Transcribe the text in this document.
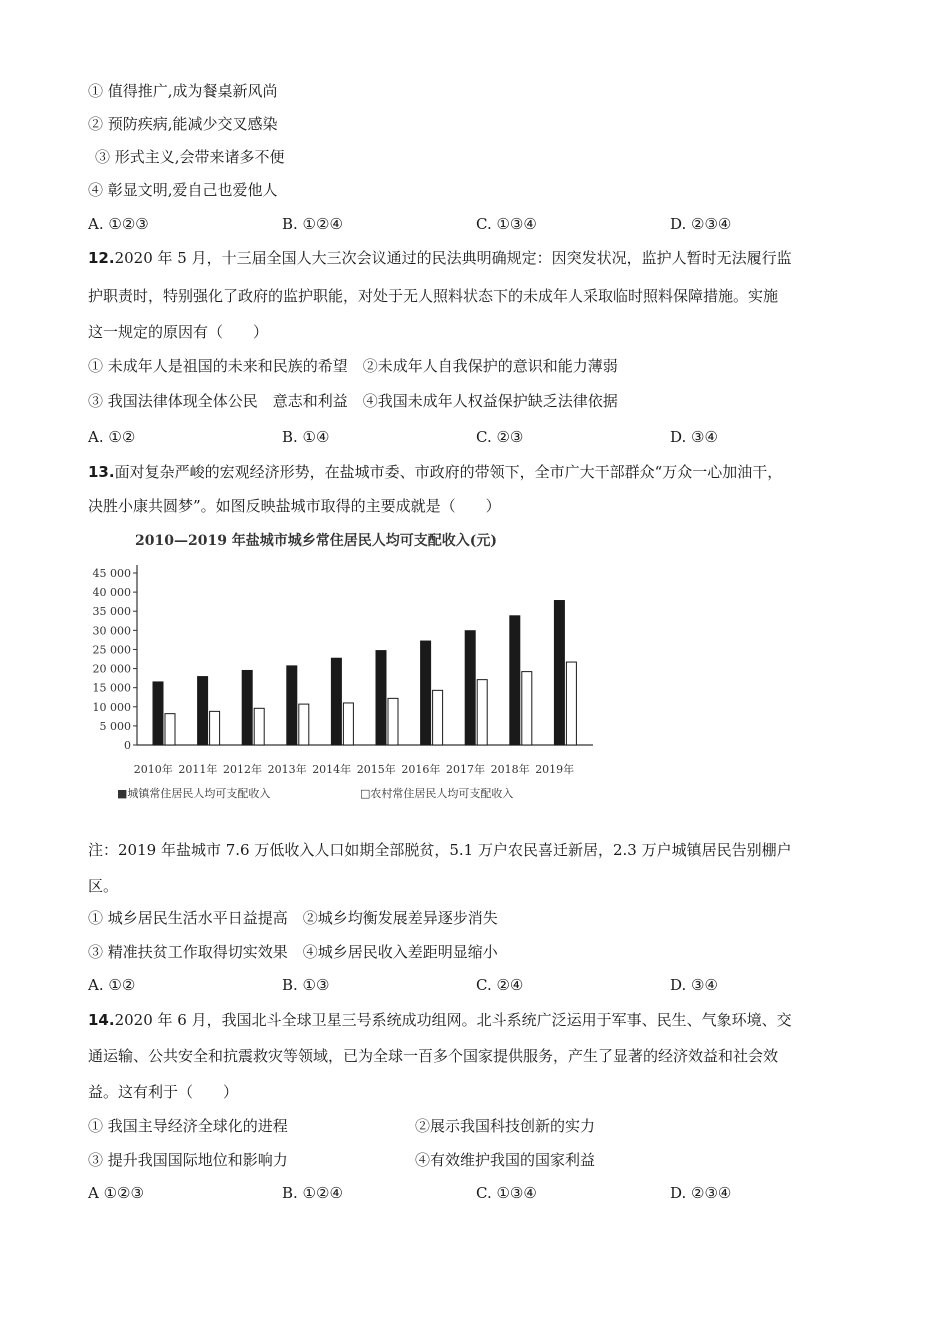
① 值得推广,成为餐桌新风尚
② 预防疾病,能减少交叉感染
③ 形式主义,会带来诸多不便
④ 彰显文明,爱自己也爱他人
A. ①②③	B. ①②④	C. ①③④	D. ②③④
12.2020 年 5 月，十三届全国人大三次会议通过的民法典明确规定：因突发状况，监护人暂时无法履行监
护职责时，特别强化了政府的监护职能，对处于无人照料状态下的未成年人采取临时照料保障措施。实施
这一规定的原因有（　　）
① 未成年人是祖国的未来和民族的希望　②未成年人自我保护的意识和能力薄弱
③ 我国法律体现全体公民　意志和利益　④我国未成年人权益保护缺乏法律依据
A. ①②	B. ①④	C. ②③	D. ③④
13.面对复杂严峻的宏观经济形势，在盐城市委、市政府的带领下，全市广大干部群众“万众一心加油干，
决胜小康共圆梦”。如图反映盐城市取得的主要成就是（　　）
2010—2019 年盐城市城乡常住居民人均可支配收入(元)
45 000
40 000
35 000
30 000
25 000
20 000
15 000
10 000
5 000
0
2010年 2011年 2012年 2013年 2014年 2015年 2016年 2017年 2018年 2019年
■城镇常住居民人均可支配收入	□农村常住居民人均可支配收入
注：2019 年盐城市 7.6 万低收入人口如期全部脱贫，5.1 万户农民喜迁新居，2.3 万户城镇居民告别棚户
区。
① 城乡居民生活水平日益提高　②城乡均衡发展差异逐步消失
③ 精准扶贫工作取得切实效果　④城乡居民收入差距明显缩小
A. ①②	B. ①③	C. ②④	D. ③④
14.2020 年 6 月，我国北斗全球卫星三号系统成功组网。北斗系统广泛运用于军事、民生、气象环境、交
通运输、公共安全和抗震救灾等领域，已为全球一百多个国家提供服务，产生了显著的经济效益和社会效
益。这有利于（　　）
① 我国主导经济全球化的进程	②展示我国科技创新的实力
③ 提升我国国际地位和影响力	④有效维护我国的国家利益
A ①②③	B. ①②④	C. ①③④	D. ②③④
